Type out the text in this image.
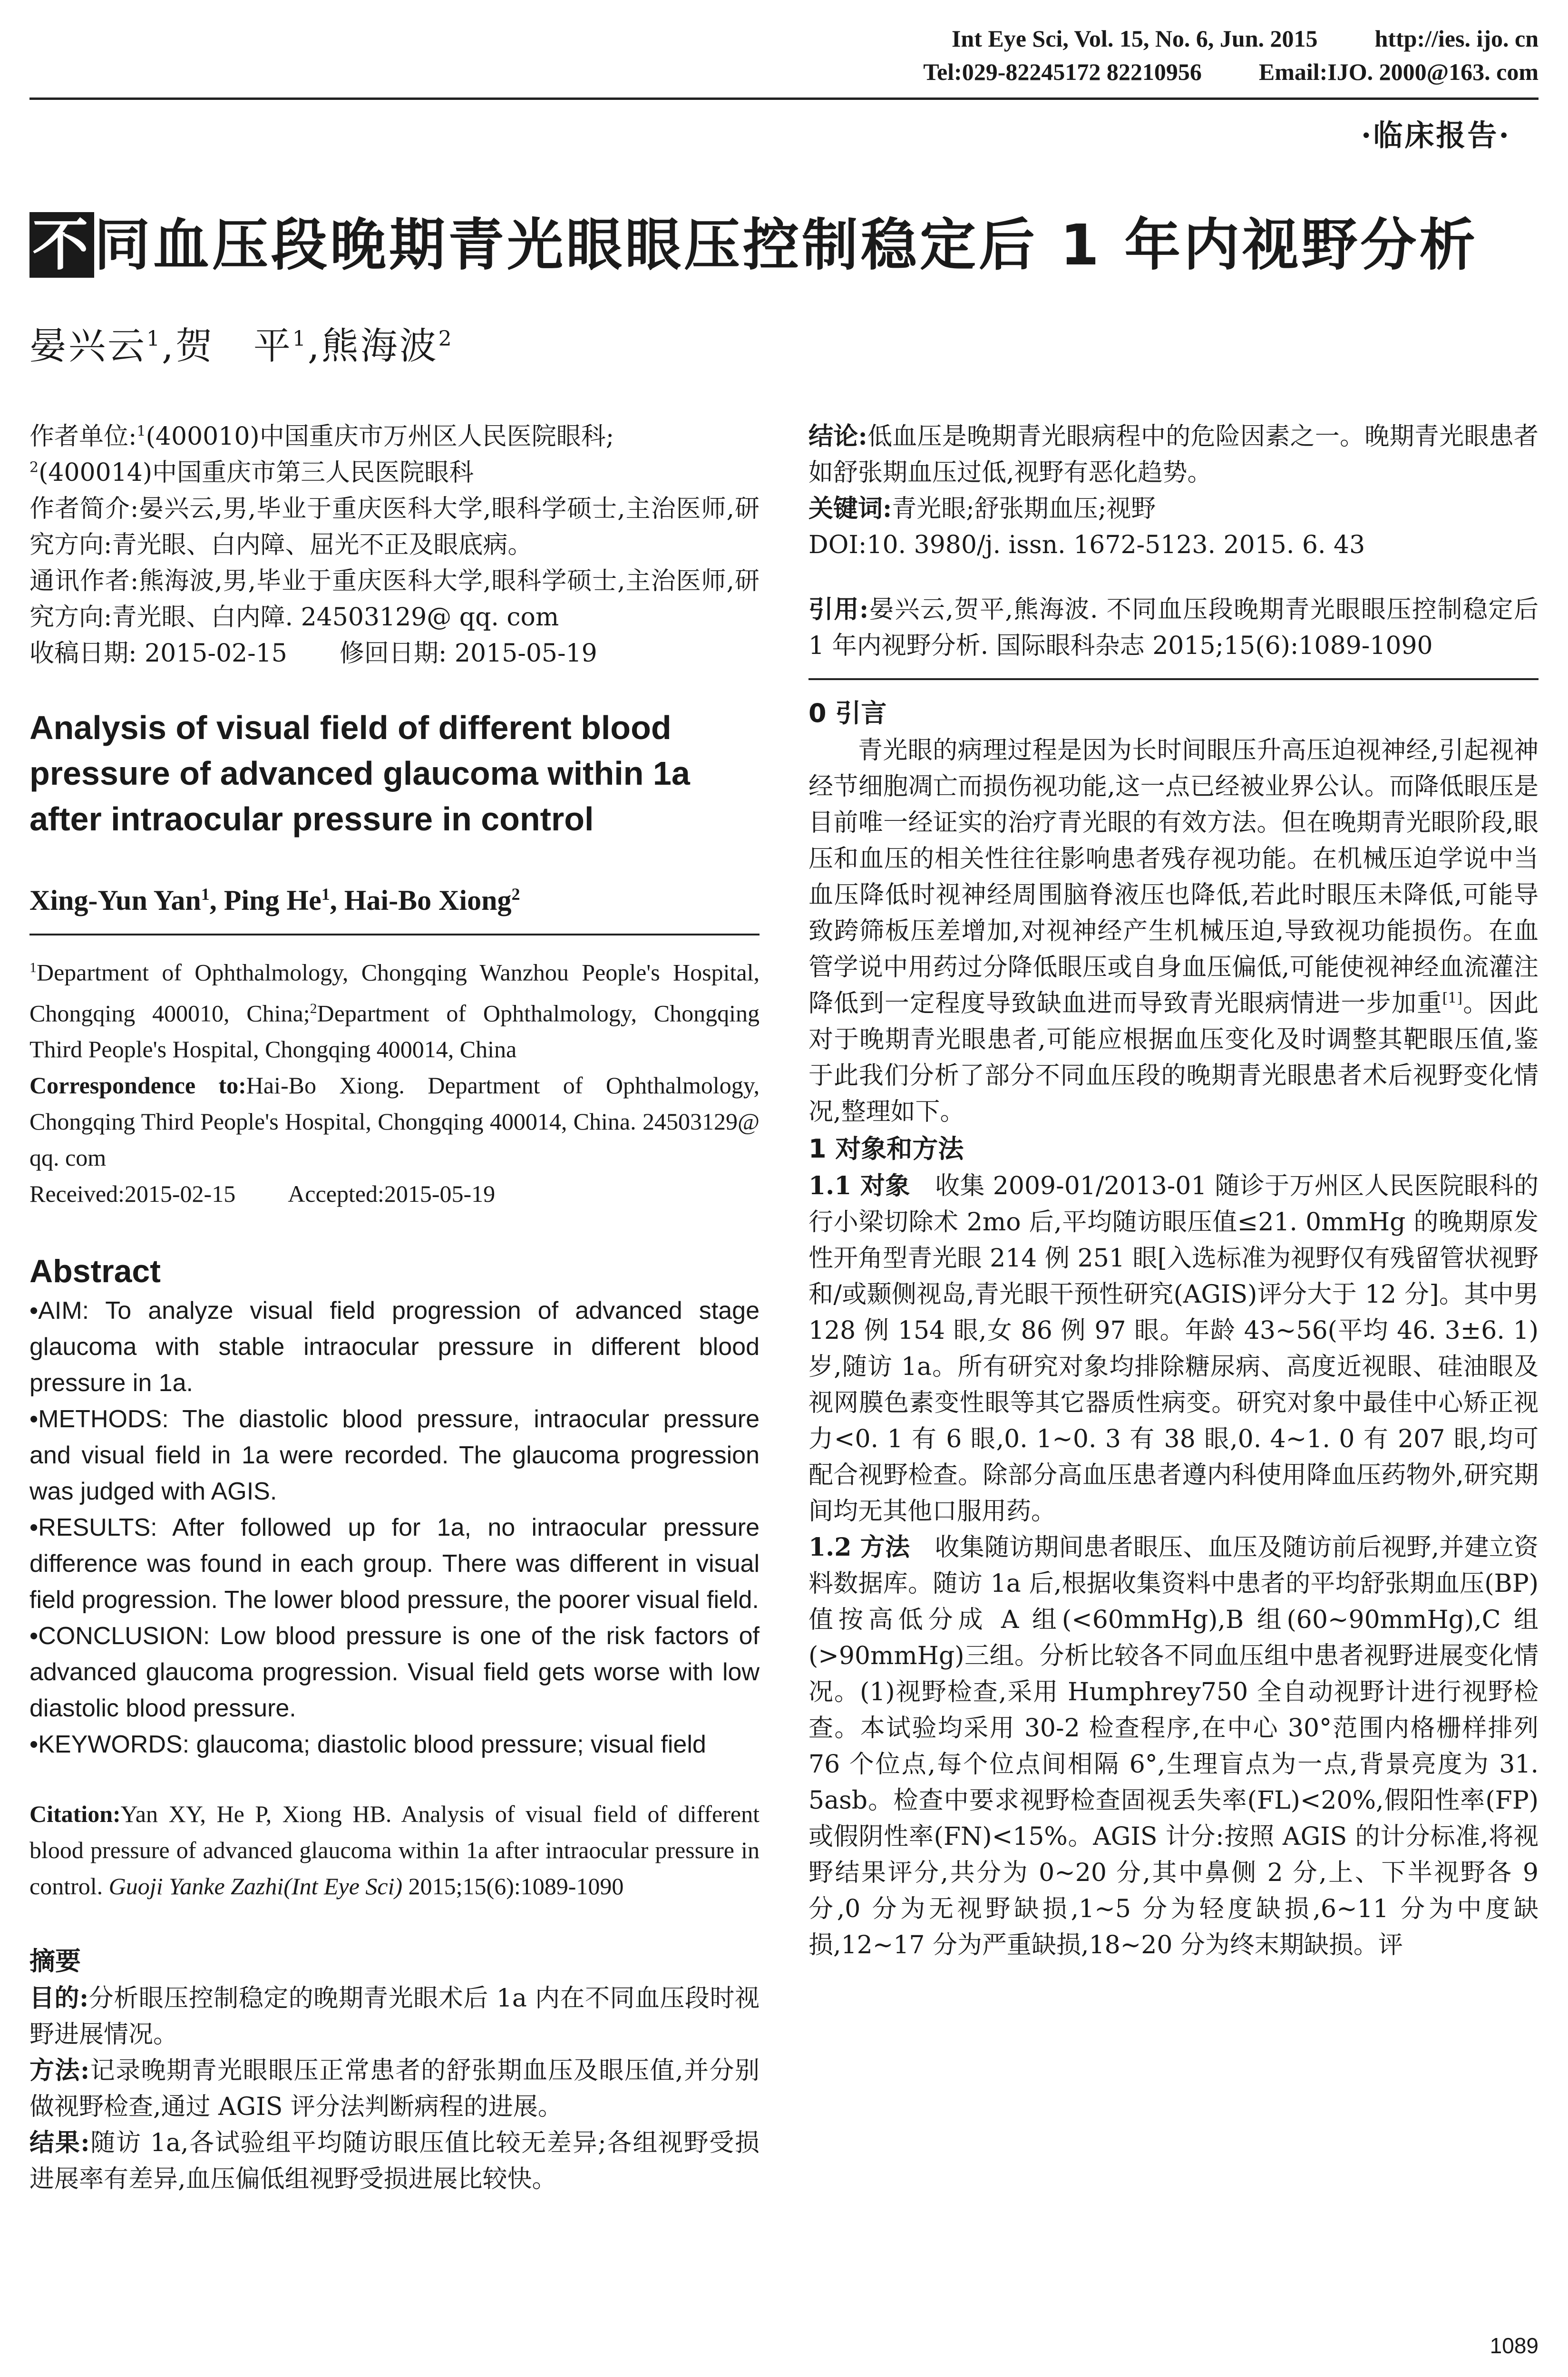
Int Eye Sci, Vol. 15, No. 6, Jun. 2015 http://ies. ijo. cn
Tel:029-82245172 82210956 Email:IJO. 2000@163. com
·临床报告·
不同血压段晚期青光眼眼压控制稳定后 1 年内视野分析
晏兴云$^1$,贺　平$^1$,熊海波$^2$
作者单位:$^1$(400010)中国重庆市万州区人民医院眼科;
$^2$(400014)中国重庆市第三人民医院眼科
作者简介:晏兴云,男,毕业于重庆医科大学,眼科学硕士,主治医师,研究方向:青光眼、白内障、屈光不正及眼底病。
通讯作者:熊海波,男,毕业于重庆医科大学,眼科学硕士,主治医师,研究方向:青光眼、白内障. 24503129@ qq. com
收稿日期: 2015-02-15 修回日期: 2015-05-19
Analysis of visual field of different blood pressure of advanced glaucoma within 1a after intraocular pressure in control
Xing-Yun Yan$^1$, Ping He$^1$, Hai-Bo Xiong$^2$
$^1$Department of Ophthalmology, Chongqing Wanzhou People's Hospital, Chongqing 400010, China;$^2$Department of Ophthalmology, Chongqing Third People's Hospital, Chongqing 400014, China
Correspondence to:Hai-Bo Xiong. Department of Ophthalmology, Chongqing Third People's Hospital, Chongqing 400014, China. 24503129@ qq. com
Received:2015-02-15 Accepted:2015-05-19
Abstract
•AIM: To analyze visual field progression of advanced stage glaucoma with stable intraocular pressure in different blood pressure in 1a.
•METHODS: The diastolic blood pressure, intraocular pressure and visual field in 1a were recorded. The glaucoma progression was judged with AGIS.
•RESULTS: After followed up for 1a, no intraocular pressure difference was found in each group. There was different in visual field progression. The lower blood pressure, the poorer visual field.
•CONCLUSION: Low blood pressure is one of the risk factors of advanced glaucoma progression. Visual field gets worse with low diastolic blood pressure.
•KEYWORDS: glaucoma; diastolic blood pressure; visual field
Citation:Yan XY, He P, Xiong HB. Analysis of visual field of different blood pressure of advanced glaucoma within 1a after intraocular pressure in control. Guoji Yanke Zazhi(Int Eye Sci) 2015;15(6):1089-1090
摘要
目的:分析眼压控制稳定的晚期青光眼术后 1a 内在不同血压段时视野进展情况。
方法:记录晚期青光眼眼压正常患者的舒张期血压及眼压值,并分别做视野检查,通过 AGIS 评分法判断病程的进展。
结果:随访 1a,各试验组平均随访眼压值比较无差异;各组视野受损进展率有差异,血压偏低组视野受损进展比较快。
结论:低血压是晚期青光眼病程中的危险因素之一。晚期青光眼患者如舒张期血压过低,视野有恶化趋势。
关键词:青光眼;舒张期血压;视野
DOI:10. 3980/j. issn. 1672-5123. 2015. 6. 43
引用:晏兴云,贺平,熊海波. 不同血压段晚期青光眼眼压控制稳定后 1 年内视野分析. 国际眼科杂志 2015;15(6):1089-1090
0 引言
青光眼的病理过程是因为长时间眼压升高压迫视神经,引起视神经节细胞凋亡而损伤视功能,这一点已经被业界公认。而降低眼压是目前唯一经证实的治疗青光眼的有效方法。但在晚期青光眼阶段,眼压和血压的相关性往往影响患者残存视功能。在机械压迫学说中当血压降低时视神经周围脑脊液压也降低,若此时眼压未降低,可能导致跨筛板压差增加,对视神经产生机械压迫,导致视功能损伤。在血管学说中用药过分降低眼压或自身血压偏低,可能使视神经血流灌注降低到一定程度导致缺血进而导致青光眼病情进一步加重[1]。因此对于晚期青光眼患者,可能应根据血压变化及时调整其靶眼压值,鉴于此我们分析了部分不同血压段的晚期青光眼患者术后视野变化情况,整理如下。
1 对象和方法
1.1 对象　 收集 2009-01/2013-01 随诊于万州区人民医院眼科的行小梁切除术 2mo 后,平均随访眼压值≤21. 0mmHg 的晚期原发性开角型青光眼 214 例 251 眼[入选标准为视野仅有残留管状视野和/或颞侧视岛,青光眼干预性研究(AGIS)评分大于 12 分]。其中男 128 例 154 眼,女 86 例 97 眼。年龄 43~56(平均 46. 3±6. 1)岁,随访 1a。所有研究对象均排除糖尿病、高度近视眼、硅油眼及视网膜色素变性眼等其它器质性病变。研究对象中最佳中心矫正视力<0. 1 有 6 眼,0. 1~0. 3 有 38 眼,0. 4~1. 0 有 207 眼,均可配合视野检查。除部分高血压患者遵内科使用降血压药物外,研究期间均无其他口服用药。
1.2 方法　 收集随访期间患者眼压、血压及随访前后视野,并建立资料数据库。随访 1a 后,根据收集资料中患者的平均舒张期血压(BP)值按高低分成 A 组(<60mmHg),B 组(60~90mmHg),C 组(>90mmHg)三组。分析比较各不同血压组中患者视野进展变化情况。(1)视野检查,采用 Humphrey750 全自动视野计进行视野检查。本试验均采用 30-2 检查程序,在中心 30°范围内格栅样排列 76 个位点,每个位点间相隔 6°,生理盲点为一点,背景亮度为 31. 5asb。检查中要求视野检查固视丢失率(FL)<20%,假阳性率(FP)或假阴性率(FN)<15%。AGIS 计分:按照 AGIS 的计分标准,将视野结果评分,共分为 0~20 分,其中鼻侧 2 分,上、下半视野各 9 分,0 分为无视野缺损,1~5 分为轻度缺损,6~11 分为中度缺损,12~17 分为严重缺损,18~20 分为终末期缺损。评
1089
